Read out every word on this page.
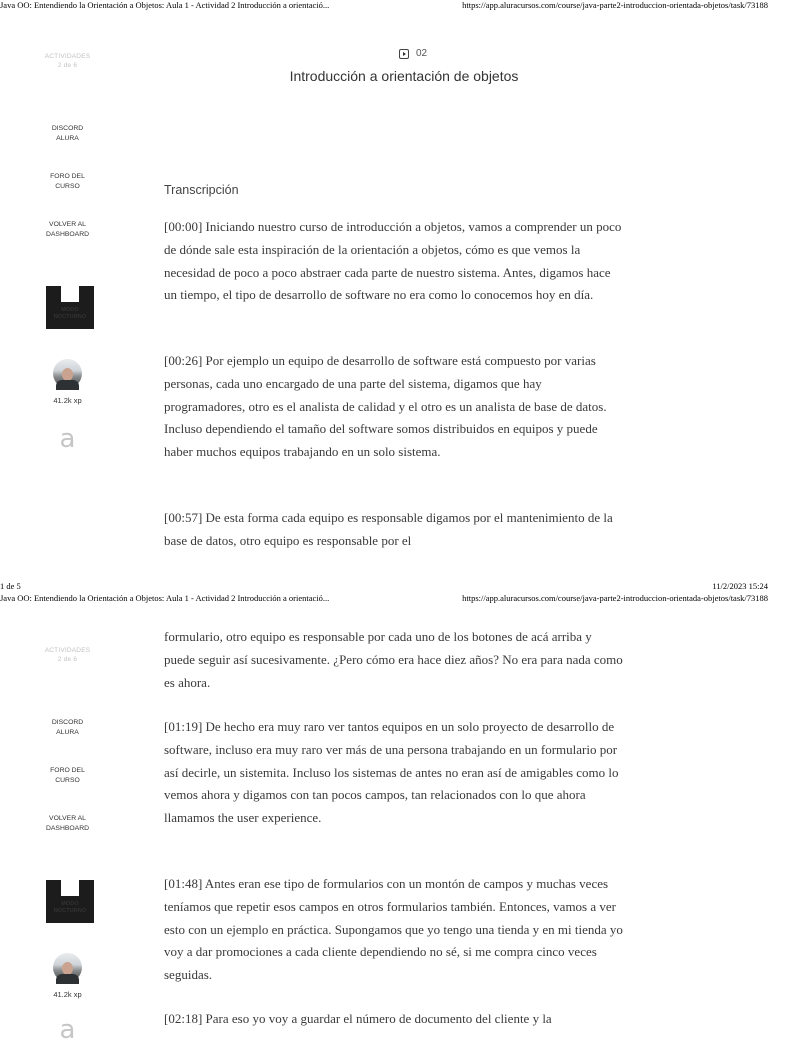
Java OO: Entendiendo la Orientación a Objetos: Aula 1 - Actividad 2 Introducción a orientació...	https://app.aluracursos.com/course/java-parte2-introduccion-orientada-objetos/task/73188
ACTIVIDADES
2 de 6
DISCORD
ALURA
FORO DEL
CURSO
VOLVER AL
DASHBOARD
MODO
NOCTURNO
41.2k xp
a
02
Introducción a orientación de objetos
Transcripción

[00:00] Iniciando nuestro curso de introducción a objetos, vamos a comprender un poco de dónde sale esta inspiración de la orientación a objetos, cómo es que vemos la necesidad de poco a poco abstraer cada parte de nuestro sistema. Antes, digamos hace un tiempo, el tipo de desarrollo de software no era como lo conocemos hoy en día.

[00:26] Por ejemplo un equipo de desarrollo de software está compuesto por varias personas, cada uno encargado de una parte del sistema, digamos que hay programadores, otro es el analista de calidad y el otro es un analista de base de datos. Incluso dependiendo el tamaño del software somos distribuidos en equipos y puede haber muchos equipos trabajando en un solo sistema.

[00:57] De esta forma cada equipo es responsable digamos por el mantenimiento de la base de datos, otro equipo es responsable por el

1 de 5	11/2/2023 15:24
Java OO: Entendiendo la Orientación a Objetos: Aula 1 - Actividad 2 Introducción a orientació...	https://app.aluracursos.com/course/java-parte2-introduccion-orientada-objetos/task/73188
ACTIVIDADES
2 de 6
DISCORD
ALURA
FORO DEL
CURSO
VOLVER AL
DASHBOARD
MODO
NOCTURNO
41.2k xp
a

formulario, otro equipo es responsable por cada uno de los botones de acá arriba y puede seguir así sucesivamente. ¿Pero cómo era hace diez años? No era para nada como es ahora.

[01:19] De hecho era muy raro ver tantos equipos en un solo proyecto de desarrollo de software, incluso era muy raro ver más de una persona trabajando en un formulario por así decirle, un sistemita. Incluso los sistemas de antes no eran así de amigables como lo vemos ahora y digamos con tan pocos campos, tan relacionados con lo que ahora llamamos the user experience.

[01:48] Antes eran ese tipo de formularios con un montón de campos y muchas veces teníamos que repetir esos campos en otros formularios también. Entonces, vamos a ver esto con un ejemplo en práctica. Supongamos que yo tengo una tienda y en mi tienda yo voy a dar promociones a cada cliente dependiendo no sé, si me compra cinco veces seguidas.

[02:18] Para eso yo voy a guardar el número de documento del cliente y la
